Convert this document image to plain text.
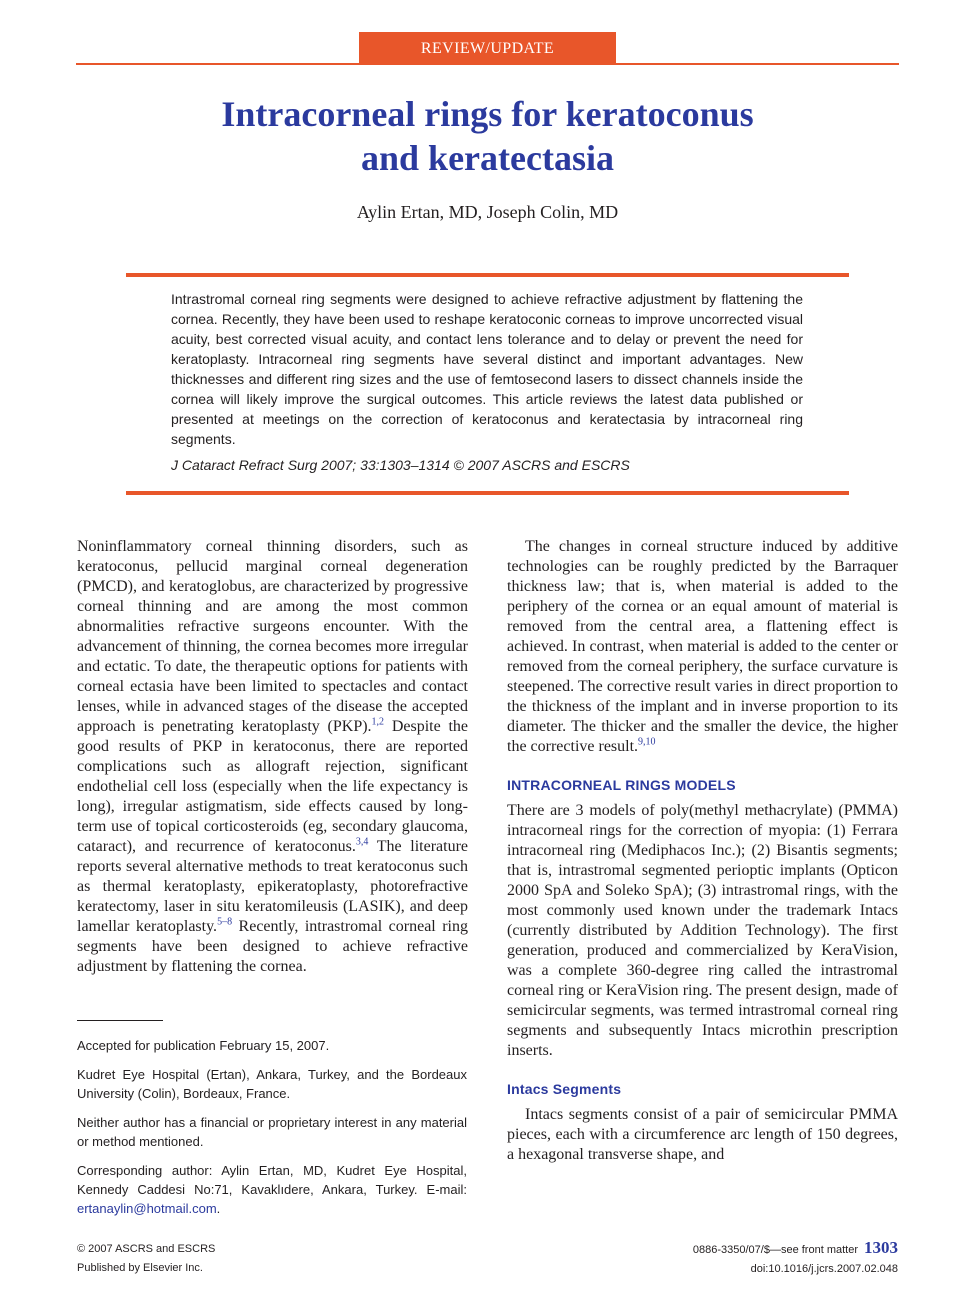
REVIEW/UPDATE
Intracorneal rings for keratoconus
and keratectasia
Aylin Ertan, MD, Joseph Colin, MD

Intrastromal corneal ring segments were designed to achieve refractive adjustment by flattening the cornea. Recently, they have been used to reshape keratoconic corneas to improve uncorrected visual acuity, best corrected visual acuity, and contact lens tolerance and to delay or prevent the need for keratoplasty. Intracorneal ring segments have several distinct and important advantages. New thicknesses and different ring sizes and the use of femtosecond lasers to dissect channels inside the cornea will likely improve the surgical outcomes. This article reviews the latest data published or presented at meetings on the correction of keratoconus and keratectasia by intracorneal ring segments.

J Cataract Refract Surg 2007; 33:1303–1314 © 2007 ASCRS and ESCRS

Noninflammatory corneal thinning disorders, such as keratoconus, pellucid marginal corneal degeneration (PMCD), and keratoglobus, are characterized by progressive corneal thinning and are among the most common abnormalities refractive surgeons encounter. With the advancement of thinning, the cornea becomes more irregular and ectatic. To date, the therapeutic options for patients with corneal ectasia have been limited to spectacles and contact lenses, while in advanced stages of the disease the accepted approach is penetrating keratoplasty (PKP).$^{1,2}$ Despite the good results of PKP in keratoconus, there are reported complications such as allograft rejection, significant endothelial cell loss (especially when the life expectancy is long), irregular astigmatism, side effects caused by long-term use of topical corticosteroids (eg, secondary glaucoma, cataract), and recurrence of keratoconus.$^{3,4}$ The literature reports several alternative methods to treat keratoconus such as thermal keratoplasty, epikeratoplasty, photorefractive keratectomy, laser in situ keratomileusis (LASIK), and deep lamellar keratoplasty.$^{5-8}$ Recently, intrastromal corneal ring segments have been designed to achieve refractive adjustment by flattening the cornea.

Accepted for publication February 15, 2007.

Kudret Eye Hospital (Ertan), Ankara, Turkey, and the Bordeaux University (Colin), Bordeaux, France.

Neither author has a financial or proprietary interest in any material or method mentioned.

Corresponding author: Aylin Ertan, MD, Kudret Eye Hospital, Kennedy Caddesi No:71, Kavaklıdere, Ankara, Turkey. E-mail: ertanaylin@hotmail.com.

The changes in corneal structure induced by additive technologies can be roughly predicted by the Barraquer thickness law; that is, when material is added to the periphery of the cornea or an equal amount of material is removed from the central area, a flattening effect is achieved. In contrast, when material is added to the center or removed from the corneal periphery, the surface curvature is steepened. The corrective result varies in direct proportion to the thickness of the implant and in inverse proportion to its diameter. The thicker and the smaller the device, the higher the corrective result.$^{9,10}$

INTRACORNEAL RINGS MODELS

There are 3 models of poly(methyl methacrylate) (PMMA) intracorneal rings for the correction of myopia: (1) Ferrara intracorneal ring (Mediphacos Inc.); (2) Bisantis segments; that is, intrastromal segmented perioptic implants (Opticon 2000 SpA and Soleko SpA); (3) intrastromal rings, with the most commonly used known under the trademark Intacs (currently distributed by Addition Technology). The first generation, produced and commercialized by KeraVision, was a complete 360-degree ring called the intrastromal corneal ring or KeraVision ring. The present design, made of semicircular segments, was termed intrastromal corneal ring segments and subsequently Intacs microthin prescription inserts.

Intacs Segments

Intacs segments consist of a pair of semicircular PMMA pieces, each with a circumference arc length of 150 degrees, a hexagonal transverse shape, and

© 2007 ASCRS and ESCRS
Published by Elsevier Inc.
0886-3350/07/$—see front matter 1303
doi:10.1016/j.jcrs.2007.02.048
